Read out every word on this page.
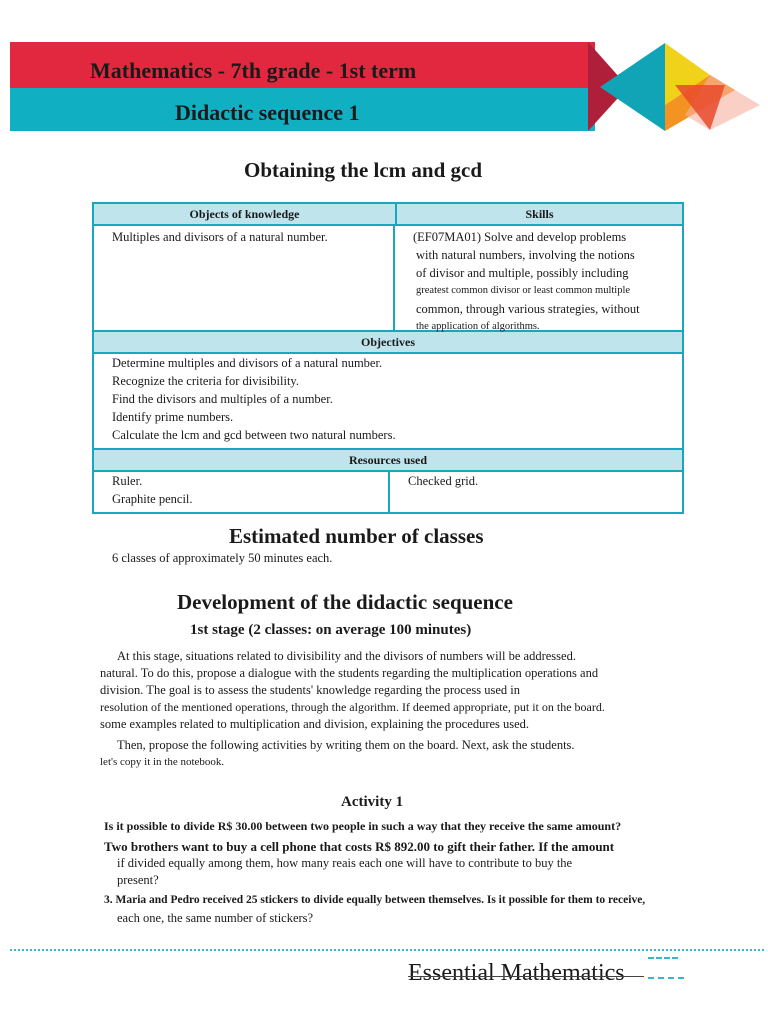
Mathematics - 7th grade - 1st term
Didactic sequence 1
Obtaining the lcm and gcd
Objects of knowledge	Skills
Multiples and divisors of a natural number.	(EF07MA01) Solve and develop problems
with natural numbers, involving the notions
of divisor and multiple, possibly including
greatest common divisor or least common multiple
common, through various strategies, without
the application of algorithms.
Objectives
Determine multiples and divisors of a natural number.
Recognize the criteria for divisibility.
Find the divisors and multiples of a number.
Identify prime numbers.
Calculate the lcm and gcd between two natural numbers.
Resources used
Ruler.
Graphite pencil.
Checked grid.
Estimated number of classes
6 classes of approximately 50 minutes each.
Development of the didactic sequence
1st stage (2 classes: on average 100 minutes)
At this stage, situations related to divisibility and the divisors of numbers will be addressed.
natural. To do this, propose a dialogue with the students regarding the multiplication operations and
division. The goal is to assess the students' knowledge regarding the process used in
resolution of the mentioned operations, through the algorithm. If deemed appropriate, put it on the board.
some examples related to multiplication and division, explaining the procedures used.
Then, propose the following activities by writing them on the board. Next, ask the students.
let's copy it in the notebook.
Activity 1
Is it possible to divide R$ 30.00 between two people in such a way that they receive the same amount?
Two brothers want to buy a cell phone that costs R$ 892.00 to gift their father. If the amount
if divided equally among them, how many reais each one will have to contribute to buy the
present?
3. Maria and Pedro received 25 stickers to divide equally between themselves. Is it possible for them to receive,
each one, the same number of stickers?
Essential Mathematics
